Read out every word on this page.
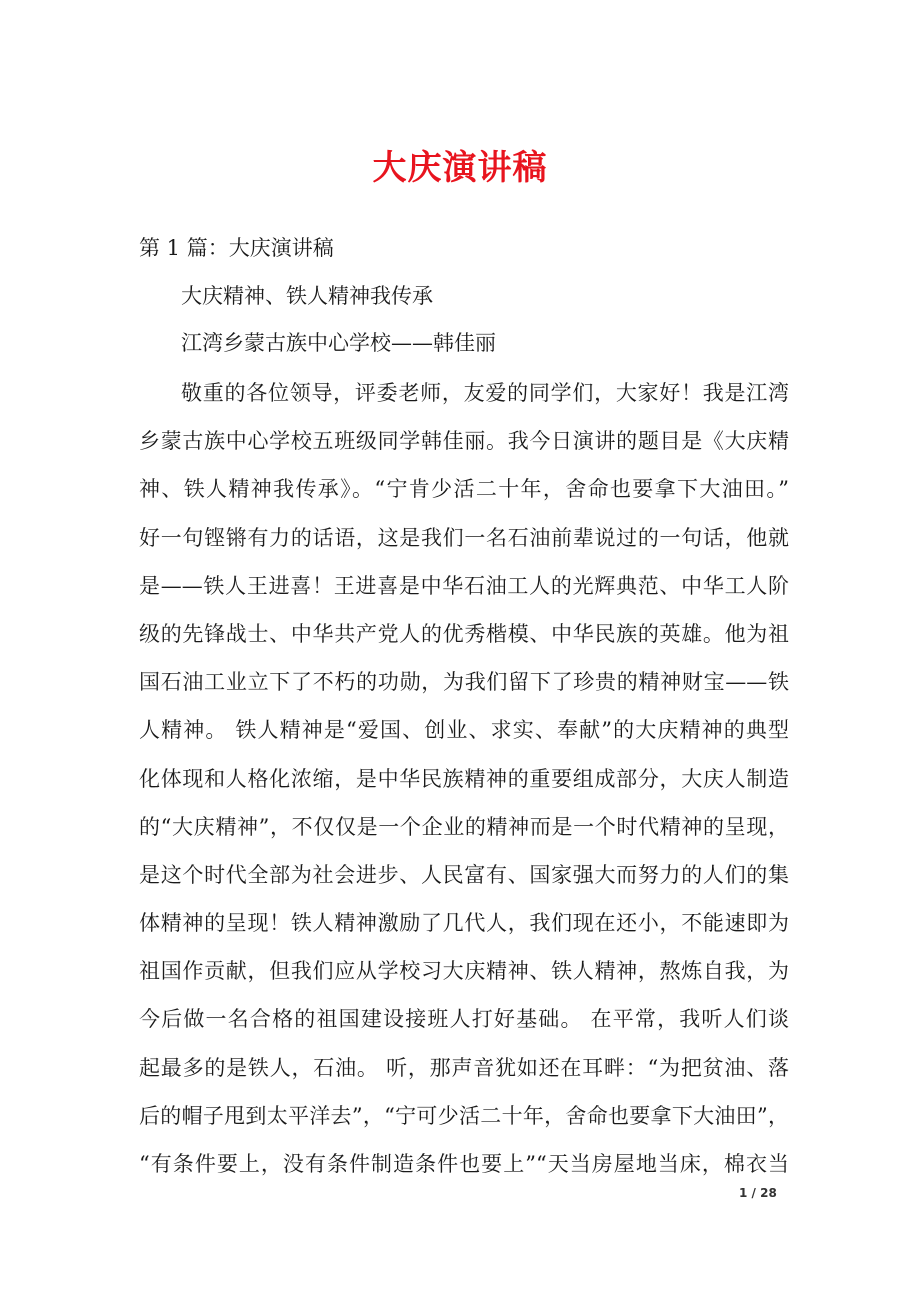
大庆演讲稿
第 1 篇：大庆演讲稿
大庆精神、铁人精神我传承
江湾乡蒙古族中心学校——韩佳丽
敬重的各位领导，评委老师，友爱的同学们，大家好！我是江湾
乡蒙古族中心学校五班级同学韩佳丽。我今日演讲的题目是《大庆精
神、铁人精神我传承》。“宁肯少活二十年，舍命也要拿下大油田。”
好一句铿锵有力的话语，这是我们一名石油前辈说过的一句话，他就
是——铁人王进喜！王进喜是中华石油工人的光辉典范、中华工人阶
级的先锋战士、中华共产党人的优秀楷模、中华民族的英雄。他为祖
国石油工业立下了不朽的功勋，为我们留下了珍贵的精神财宝——铁
人精神。 铁人精神是“爱国、创业、求实、奉献”的大庆精神的典型
化体现和人格化浓缩，是中华民族精神的重要组成部分，大庆人制造
的“大庆精神”，不仅仅是一个企业的精神而是一个时代精神的呈现，
是这个时代全部为社会进步、人民富有、国家强大而努力的人们的集
体精神的呈现！铁人精神激励了几代人，我们现在还小，不能速即为
祖国作贡献，但我们应从学校习大庆精神、铁人精神，熬炼自我，为
今后做一名合格的祖国建设接班人打好基础。 在平常，我听人们谈
起最多的是铁人，石油。 听，那声音犹如还在耳畔：“为把贫油、落
后的帽子甩到太平洋去”，“宁可少活二十年，舍命也要拿下大油田”，
“有条件要上，没有条件制造条件也要上”“天当房屋地当床，棉衣当
1 / 28
